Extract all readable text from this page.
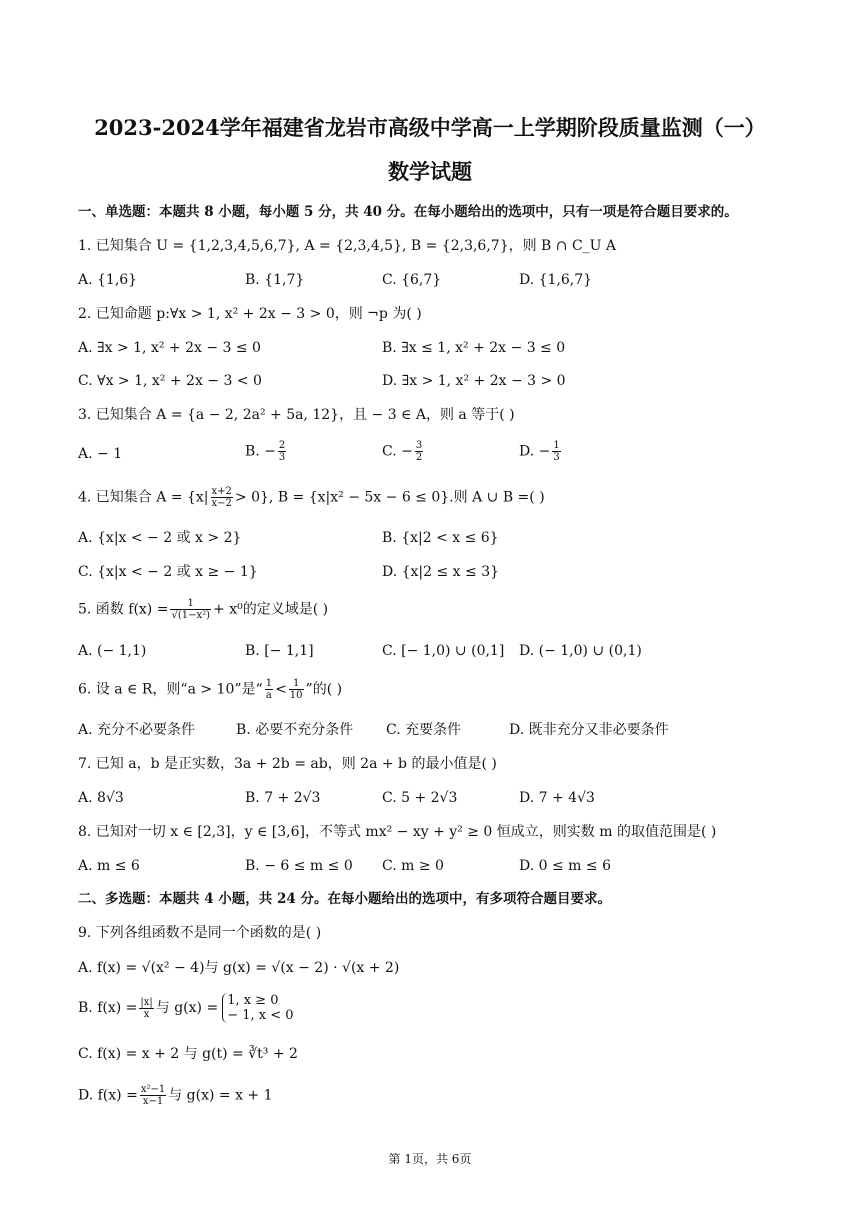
2023-2024学年福建省龙岩市高级中学高一上学期阶段质量监测（一）
数学试题
一、单选题：本题共 8 小题，每小题 5 分，共 40 分。在每小题给出的选项中，只有一项是符合题目要求的。
1. 已知集合 U = {1,2,3,4,5,6,7}, A = {2,3,4,5}, B = {2,3,6,7}，则 B ∩ C_U A
A. {1,6}	B. {1,7}	C. {6,7}	D. {1,6,7}
2. 已知命题 p:∀x > 1, x² + 2x − 3 > 0，则 ¬p 为( )
A. ∃x > 1, x² + 2x − 3 ≤ 0	B. ∃x ≤ 1, x² + 2x − 3 ≤ 0
C. ∀x > 1, x² + 2x − 3 < 0	D. ∃x > 1, x² + 2x − 3 > 0
3. 已知集合 A = {a − 2, 2a² + 5a, 12}，且 − 3 ∈ A，则 a 等于( )
A. − 1	B. − $\frac{2}{3}$	C. − $\frac{3}{2}$	D. − $\frac{1}{3}$
4. 已知集合 $A = \{x| \frac{x+2}{x-2} > 0\}$, B = {x|x² − 5x − 6 ≤ 0}.则 A ∪ B =( )
A. {x|x < − 2 或 x > 2}	B. {x|2 < x ≤ 6}
C. {x|x < − 2 或 x ≥ − 1}	D. {x|2 ≤ x ≤ 3}
5. 函数 $f(x) = \frac{1}{\text{√(1−x²)}} + x^0$的定义域是( )
A. (− 1,1)	B. [− 1,1]	C. [− 1,0) ∪ (0,1] D. (− 1,0) ∪ (0,1)
6. 设 a ∈ R，则“a > 10”是“ $\frac{1}{a} < \frac{1}{10}$ ”的( )
A. 充分不必要条件	B. 必要不充分条件 C. 充要条件	D. 既非充分又非必要条件
7. 已知 a，b 是正实数，3a + 2b = ab，则 2a + b 的最小值是( )
A. 8√3	B. 7 + 2√3	C. 5 + 2√3	D. 7 + 4√3
8. 已知对一切 x ∈ [2,3]，y ∈ [3,6]，不等式 mx² − xy + y² ≥ 0 恒成立，则实数 m 的取值范围是( )
A. m ≤ 6	B. − 6 ≤ m ≤ 0 C. m ≥ 0	D. 0 ≤ m ≤ 6
二、多选题：本题共 4 小题，共 24 分。在每小题给出的选项中，有多项符合题目要求。
9. 下列各组函数不是同一个函数的是( )
A. f(x) = √(x² − 4)与 g(x) = √(x − 2) · √(x + 2)
B. $f(x) = \frac{|x|}{x}$ 与 g(x) = 1, x ≥ 0
− 1, x < 0
C. f(x) = x + 2 与 g(t) = ∛t³ + 2
D. $f(x) = \frac{\text{x²−1}}{x-1}$ 与 g(x) = x + 1
第 1页，共 6页
